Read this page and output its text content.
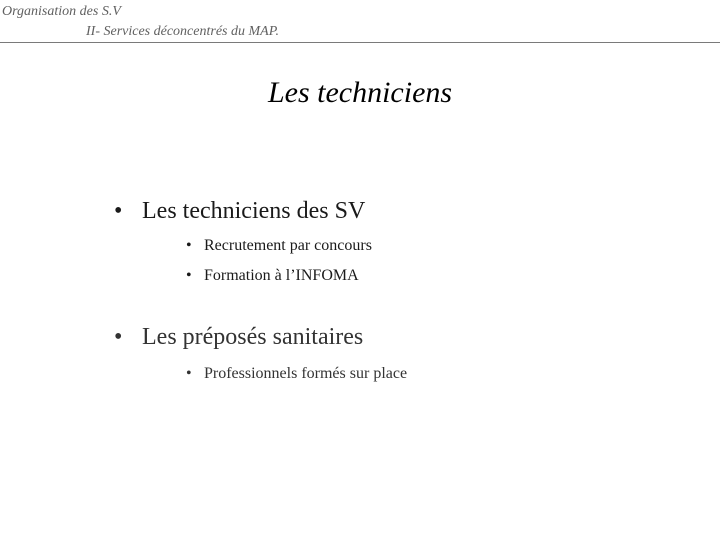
Organisation des S.V
II- Services déconcentrés du MAP.
Les techniciens
• Les techniciens des SV
• Recrutement par concours
• Formation à l’INFOMA
• Les préposés sanitaires
• Professionnels formés sur place
